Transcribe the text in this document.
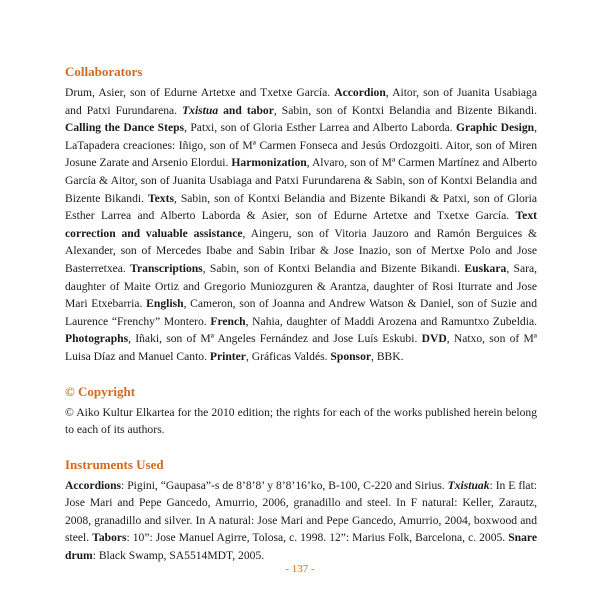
Collaborators

Drum, Asier, son of Edurne Artetxe and Txetxe García. Accordion, Aitor, son of Juanita Usabiaga and Patxi Furundarena. Txistua and tabor, Sabin, son of Kontxi Belandia and Bizente Bikandi. Calling the Dance Steps, Patxi, son of Gloria Esther Larrea and Alberto Laborda. Graphic Design, LaTapadera creaciones: Iñigo, son of Mª Carmen Fonseca and Jesús Ordozgoiti. Aitor, son of Miren Josune Zarate and Arsenio Elordui. Harmonization, Alvaro, son of Mª Carmen Martínez and Alberto García & Aitor, son of Juanita Usabiaga and Patxi Furundarena & Sabin, son of Kontxi Belandia and Bizente Bikandi. Texts, Sabin, son of Kontxi Belandia and Bizente Bikandi & Patxi, son of Gloria Esther Larrea and Alberto Laborda & Asier, son of Edurne Artetxe and Txetxe García. Text correction and valuable assistance, Aingeru, son of Vitoria Jauzoro and Ramón Berguices & Alexander, son of Mercedes Ibabe and Sabin Iribar & Jose Inazio, son of Mertxe Polo and Jose Basterretxea. Transcriptions, Sabin, son of Kontxi Belandia and Bizente Bikandi. Euskara, Sara, daughter of Maite Ortiz and Gregorio Muniozguren & Arantza, daughter of Rosi Iturrate and Jose Mari Etxebarria. English, Cameron, son of Joanna and Andrew Watson & Daniel, son of Suzie and Laurence “Frenchy” Montero. French, Nahia, daughter of Maddi Arozena and Ramuntxo Zubeldia. Photographs, Iñaki, son of Mª Angeles Fernández and Jose Luís Eskubi. DVD, Natxo, son of Mª Luisa Díaz and Manuel Canto. Printer, Gráficas Valdés. Sponsor, BBK.

© Copyright

© Aiko Kultur Elkartea for the 2010 edition; the rights for each of the works published herein belong to each of its authors.

Instruments Used

Accordions: Pigini, “Gaupasa”-s de 8’8’8’ y 8’8’16’ko, B-100, C-220 and Sirius. Txistuak: In E flat: Jose Mari and Pepe Gancedo, Amurrio, 2006, granadillo and steel. In F natural: Keller, Zarautz, 2008, granadillo and silver. In A natural: Jose Mari and Pepe Gancedo, Amurrio, 2004, boxwood and steel. Tabors: 10”: Jose Manuel Agirre, Tolosa, c. 1998. 12”: Marius Folk, Barcelona, c. 2005. Snare drum: Black Swamp, SA5514MDT, 2005.

- 137 -
